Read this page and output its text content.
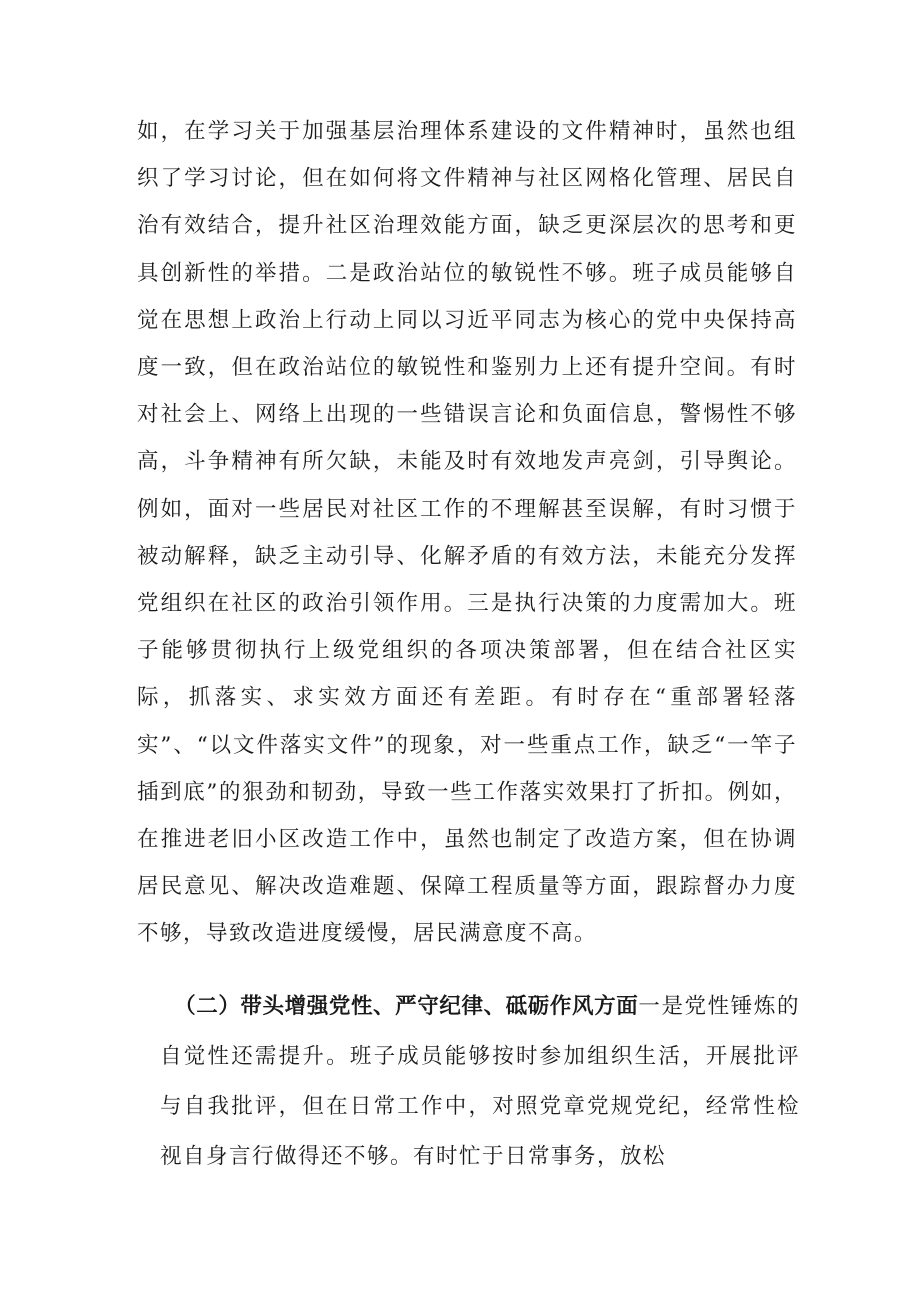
如，在学习关于加强基层治理体系建设的文件精神时，虽然也组织了学习讨论，但在如何将文件精神与社区网格化管理、居民自治有效结合，提升社区治理效能方面，缺乏更深层次的思考和更具创新性的举措。二是政治站位的敏锐性不够。班子成员能够自觉在思想上政治上行动上同以习近平同志为核心的党中央保持高度一致，但在政治站位的敏锐性和鉴别力上还有提升空间。有时对社会上、网络上出现的一些错误言论和负面信息，警惕性不够高，斗争精神有所欠缺，未能及时有效地发声亮剑，引导舆论。例如，面对一些居民对社区工作的不理解甚至误解，有时习惯于被动解释，缺乏主动引导、化解矛盾的有效方法，未能充分发挥党组织在社区的政治引领作用。三是执行决策的力度需加大。班子能够贯彻执行上级党组织的各项决策部署，但在结合社区实际，抓落实、求实效方面还有差距。有时存在“重部署轻落实”、“以文件落实文件”的现象，对一些重点工作，缺乏“一竿子插到底”的狠劲和韧劲，导致一些工作落实效果打了折扣。例如，在推进老旧小区改造工作中，虽然也制定了改造方案，但在协调居民意见、解决改造难题、保障工程质量等方面，跟踪督办力度不够，导致改造进度缓慢，居民满意度不高。

（二）带头增强党性、严守纪律、砥砺作风方面一是党性锤炼的自觉性还需提升。班子成员能够按时参加组织生活，开展批评与自我批评，但在日常工作中，对照党章党规党纪，经常性检视自身言行做得还不够。有时忙于日常事务，放松
